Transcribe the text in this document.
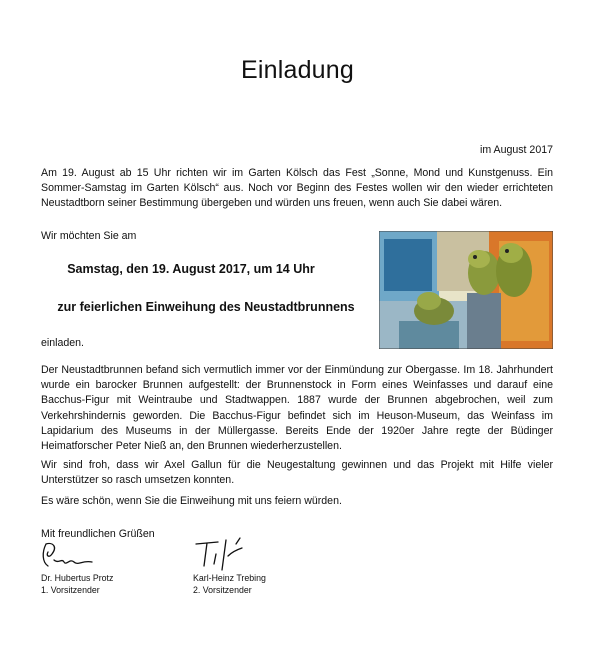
Einladung
im August 2017

Am 19. August ab 15 Uhr richten wir im Garten Kölsch das Fest „Sonne, Mond und Kunstgenuss. Ein Sommer-Samstag im Garten Kölsch“ aus. Noch vor Beginn des Festes wollen wir den wieder errichteten Neustadtborn seiner Bestimmung übergeben und würden uns freuen, wenn auch Sie dabei wären.

Wir möchten Sie am

Samstag, den 19. August 2017, um 14 Uhr

zur feierlichen Einweihung des Neustadtbrunnens

einladen.

Der Neustadtbrunnen befand sich vermutlich immer vor der Einmündung zur Obergasse. Im 18. Jahrhundert wurde ein barocker Brunnen aufgestellt: der Brunnenstock in Form eines Weinfasses und darauf eine Bacchus-Figur mit Weintraube und Stadtwappen. 1887 wurde der Brunnen abgebrochen, weil zum Verkehrshindernis geworden. Die Bacchus-Figur befindet sich im Heuson-Museum, das Weinfass im Lapidarium des Museums in der Müllergasse. Bereits Ende der 1920er Jahre regte der Büdinger Heimatforscher Peter Nieß an, den Brunnen wiederherzustellen.

Wir sind froh, dass wir Axel Gallun für die Neugestaltung gewinnen und das Projekt mit Hilfe vieler Unterstützer so rasch umsetzen konnten.

Es wäre schön, wenn Sie die Einweihung mit uns feiern würden.

Mit freundlichen Grüßen

Dr. Hubertus Protz
1. Vorsitzender
Karl-Heinz Trebing
2. Vorsitzender
